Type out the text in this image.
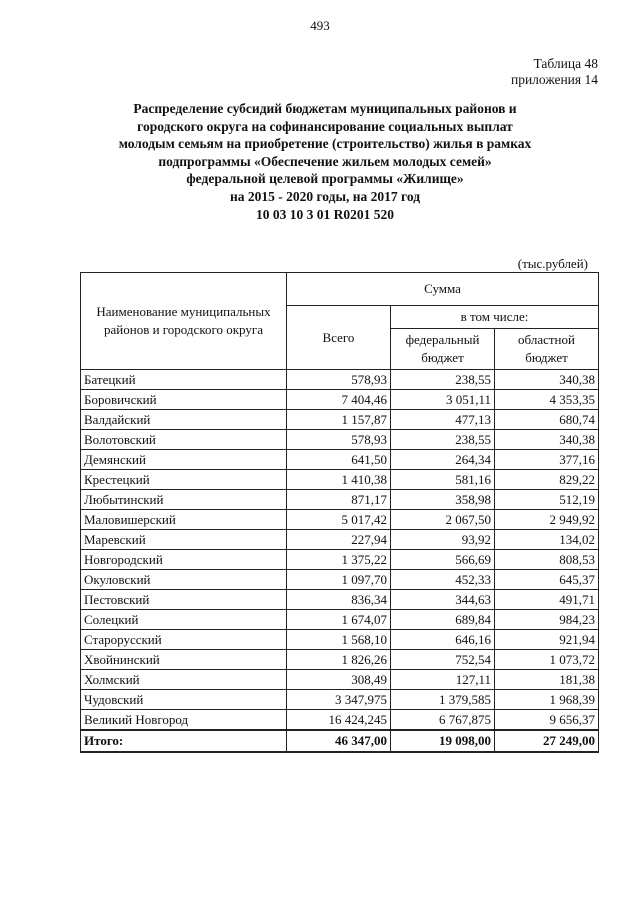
493
Таблица 48
приложения 14
Распределение субсидий бюджетам муниципальных районов и
городского округа на софинансирование социальных выплат
молодым семьям на приобретение (строительство) жилья в рамках
подпрограммы «Обеспечение жильем молодых семей»
федеральной целевой программы «Жилище»
на 2015 - 2020 годы, на 2017 год
10 03 10 3 01 R0201 520
(тыс.рублей)
Наименование муниципальных районов и городского округа	Сумма		
	Всего	в том числе:	
		федеральный бюджет	областной бюджет
Батецкий	578,93	238,55	340,38
Боровичский	7 404,46	3 051,11	4 353,35
Валдайский	1 157,87	477,13	680,74
Волотовский	578,93	238,55	340,38
Демянский	641,50	264,34	377,16
Крестецкий	1 410,38	581,16	829,22
Любытинский	871,17	358,98	512,19
Маловишерский	5 017,42	2 067,50	2 949,92
Маревский	227,94	93,92	134,02
Новгородский	1 375,22	566,69	808,53
Окуловский	1 097,70	452,33	645,37
Пестовский	836,34	344,63	491,71
Солецкий	1 674,07	689,84	984,23
Старорусский	1 568,10	646,16	921,94
Хвойнинский	1 826,26	752,54	1 073,72
Холмский	308,49	127,11	181,38
Чудовский	3 347,975	1 379,585	1 968,39
Великий Новгород	16 424,245	6 767,875	9 656,37
Итого:	46 347,00	19 098,00	27 249,00
